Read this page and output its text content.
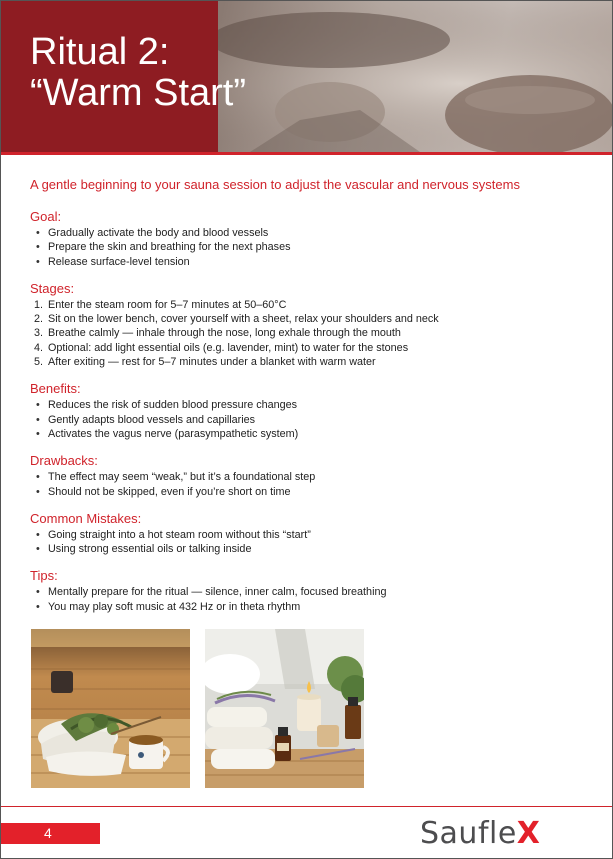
Ritual 2:
“Warm Start”

A gentle beginning to your sauna session to adjust the vascular and nervous systems

Goal:
• Gradually activate the body and blood vessels
• Prepare the skin and breathing for the next phases
• Release surface-level tension
Stages:
1. Enter the steam room for 5–7 minutes at 50–60°C
2. Sit on the lower bench, cover yourself with a sheet, relax your shoulders and neck
3. Breathe calmly — inhale through the nose, long exhale through the mouth
4. Optional: add light essential oils (e.g. lavender, mint) to water for the stones
5. After exiting — rest for 5–7 minutes under a blanket with warm water
Benefits:
• Reduces the risk of sudden blood pressure changes
• Gently adapts blood vessels and capillaries
• Activates the vagus nerve (parasympathetic system)
Drawbacks:
• The effect may seem “weak,” but it’s a foundational step
• Should not be skipped, even if you’re short on time
Common Mistakes:
• Going straight into a hot steam room without this “start”
• Using strong essential oils or talking inside
Tips:
• Mentally prepare for the ritual — silence, inner calm, focused breathing
• You may play soft music at 432 Hz or in theta rhythm
4	SaufleX
